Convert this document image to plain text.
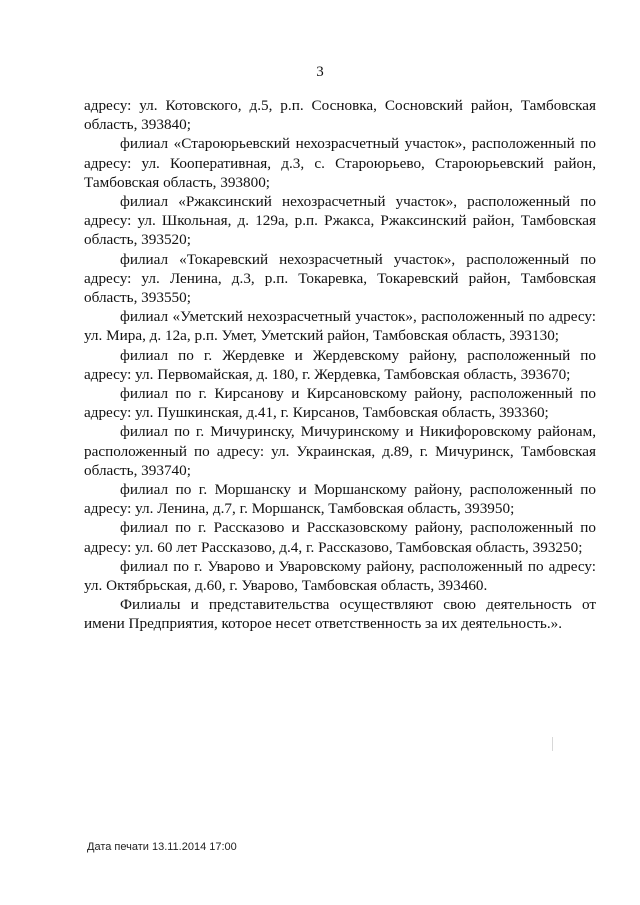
3

адресу: ул. Котовского, д.5, р.п. Сосновка, Сосновский район, Тамбовская область, 393840;

филиал «Староюрьевский нехозрасчетный участок», расположенный по адресу: ул. Кооперативная, д.3, с. Староюрьево, Староюрьевский район, Тамбовская область, 393800;

филиал «Ржаксинский нехозрасчетный участок», расположенный по адресу: ул. Школьная, д. 129а, р.п. Ржакса, Ржаксинский район, Тамбовская область, 393520;

филиал «Токаревский нехозрасчетный участок», расположенный по адресу: ул. Ленина, д.3, р.п. Токаревка, Токаревский район, Тамбовская область, 393550;

филиал «Уметский нехозрасчетный участок», расположенный по адресу: ул. Мира, д. 12а, р.п. Умет, Уметский район, Тамбовская область, 393130;

филиал по г. Жердевке и Жердевскому району, расположенный по адресу: ул. Первомайская, д. 180, г. Жердевка, Тамбовская область, 393670;

филиал по г. Кирсанову и Кирсановскому району, расположенный по адресу: ул. Пушкинская, д.41, г. Кирсанов, Тамбовская область, 393360;

филиал по г. Мичуринску, Мичуринскому и Никифоровскому районам, расположенный по адресу: ул. Украинская, д.89, г. Мичуринск, Тамбовская область, 393740;

филиал по г. Моршанску и Моршанскому району, расположенный по адресу: ул. Ленина, д.7, г. Моршанск, Тамбовская область, 393950;

филиал по г. Рассказово и Рассказовскому району, расположенный по адресу: ул. 60 лет Рассказово, д.4, г. Рассказово, Тамбовская область, 393250;

филиал по г. Уварово и Уваровскому району, расположенный по адресу: ул. Октябрьская, д.60, г. Уварово, Тамбовская область, 393460.

Филиалы и представительства осуществляют свою деятельность от имени Предприятия, которое несет ответственность за их деятельность.».

Дата печати 13.11.2014 17:00
